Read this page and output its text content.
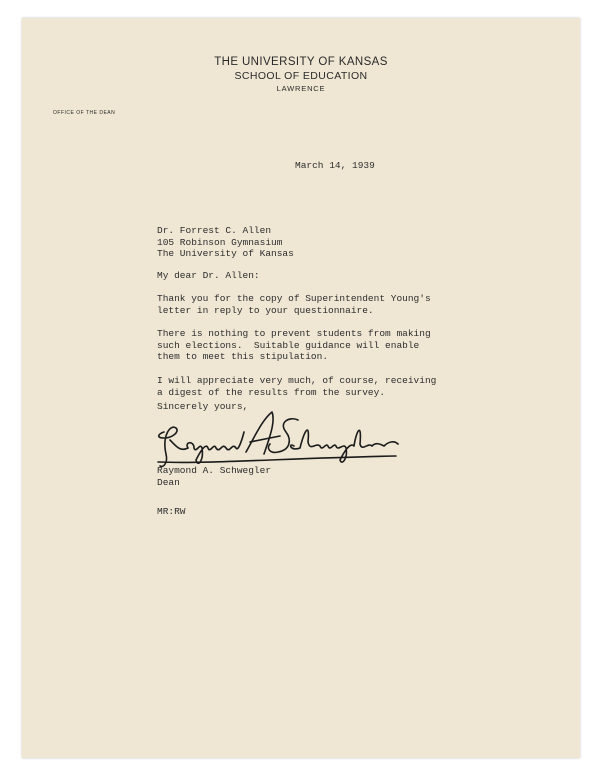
THE UNIVERSITY OF KANSAS
SCHOOL OF EDUCATION
LAWRENCE
OFFICE OF THE DEAN
March 14, 1939
Dr. Forrest C. Allen
105 Robinson Gymnasium
The University of Kansas
My dear Dr. Allen:
Thank you for the copy of Superintendent Young's
letter in reply to your questionnaire.
There is nothing to prevent students from making
such elections.  Suitable guidance will enable
them to meet this stipulation.
I will appreciate very much, of course, receiving
a digest of the results from the survey.
Sincerely yours,
Raymond A. Schwegler
Dean
MR:RW
